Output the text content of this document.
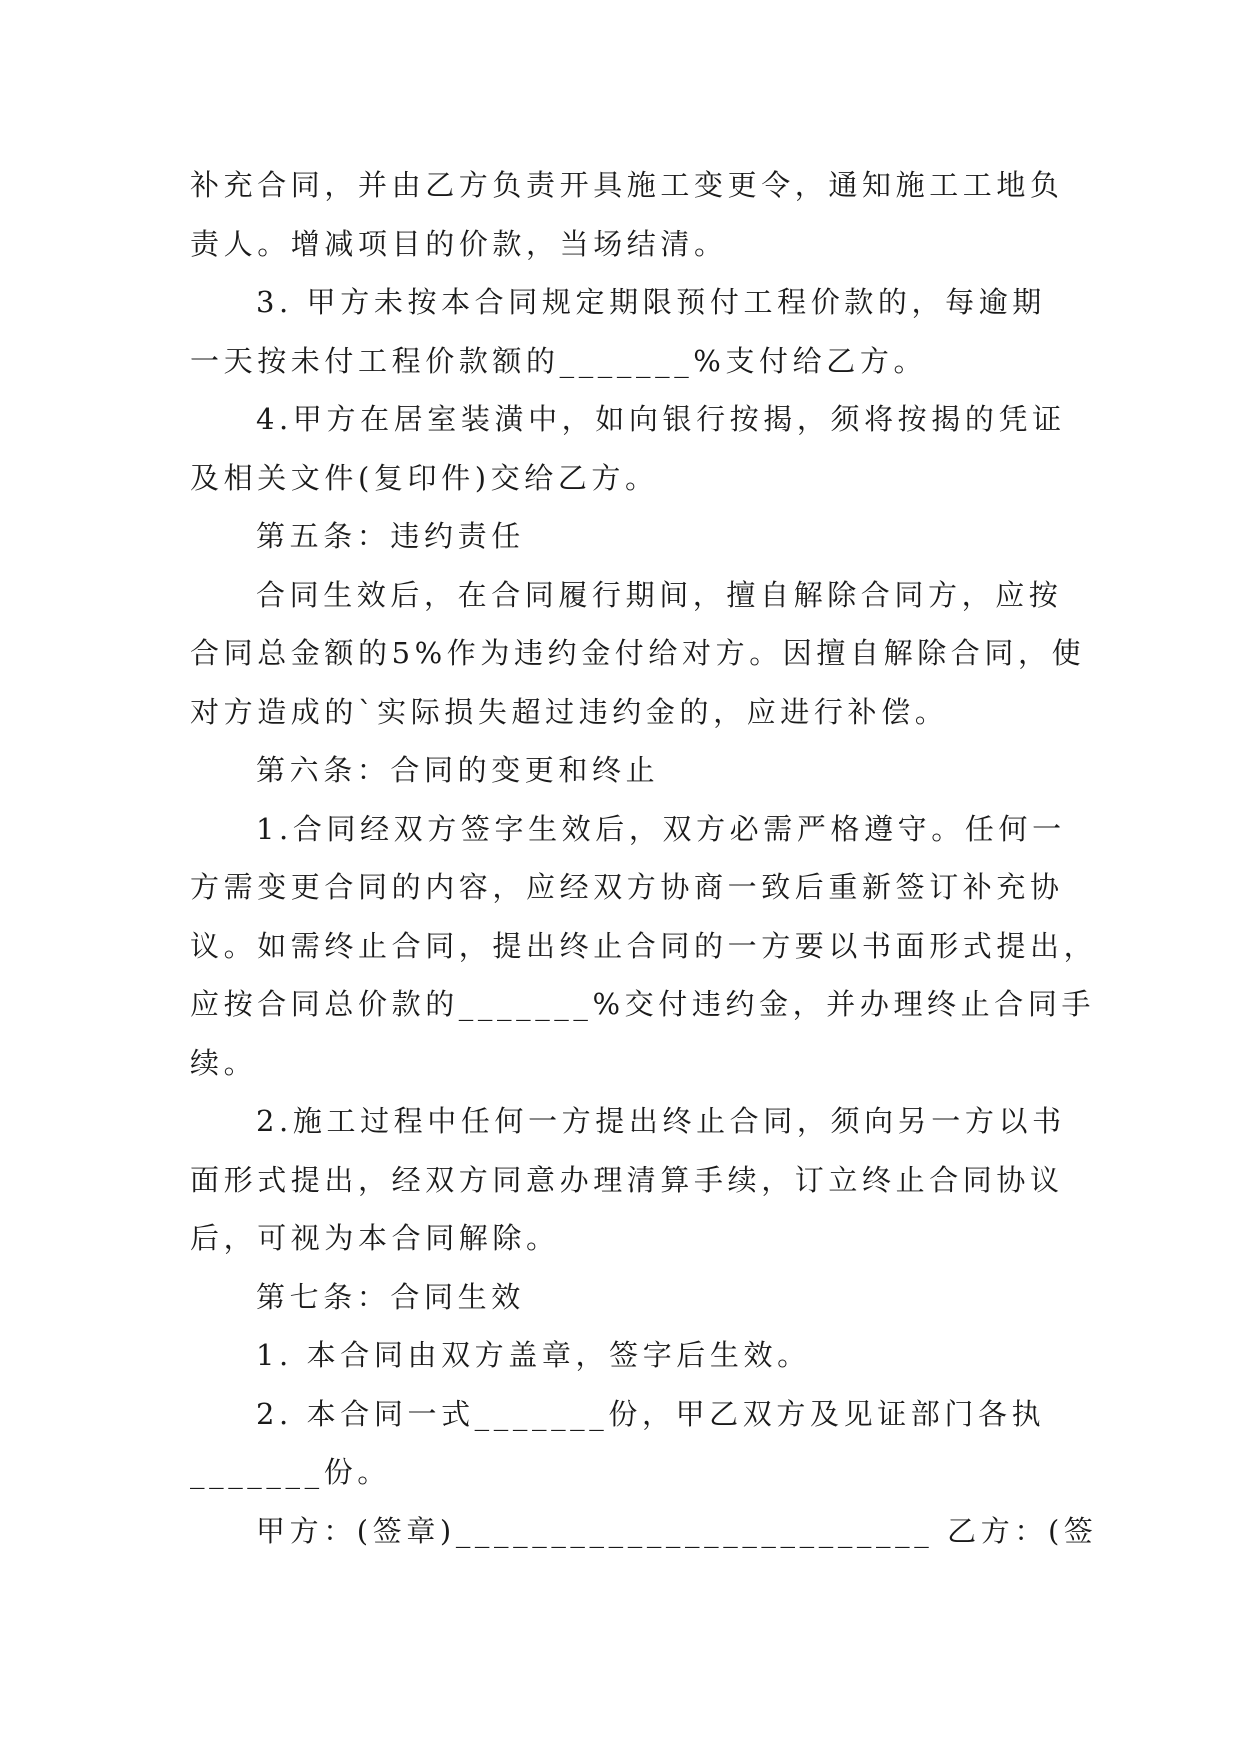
补充合同，并由乙方负责开具施工变更令，通知施工工地负
责人。增减项目的价款，当场结清。
3. 甲方未按本合同规定期限预付工程价款的，每逾期
一天按未付工程价款额的_______%支付给乙方。
4.甲方在居室装潢中，如向银行按揭，须将按揭的凭证
及相关文件(复印件)交给乙方。
第五条：违约责任
合同生效后，在合同履行期间，擅自解除合同方，应按
合同总金额的5%作为违约金付给对方。因擅自解除合同，使
对方造成的`实际损失超过违约金的，应进行补偿。
第六条：合同的变更和终止
1.合同经双方签字生效后，双方必需严格遵守。任何一
方需变更合同的内容，应经双方协商一致后重新签订补充协
议。如需终止合同，提出终止合同的一方要以书面形式提出，
应按合同总价款的_______%交付违约金，并办理终止合同手
续。
2.施工过程中任何一方提出终止合同，须向另一方以书
面形式提出，经双方同意办理清算手续，订立终止合同协议
后，可视为本合同解除。
第七条：合同生效
1. 本合同由双方盖章，签字后生效。
2. 本合同一式_______份，甲乙双方及见证部门各执
_______份。
甲方：(签章)_________________________ 乙方：(签
